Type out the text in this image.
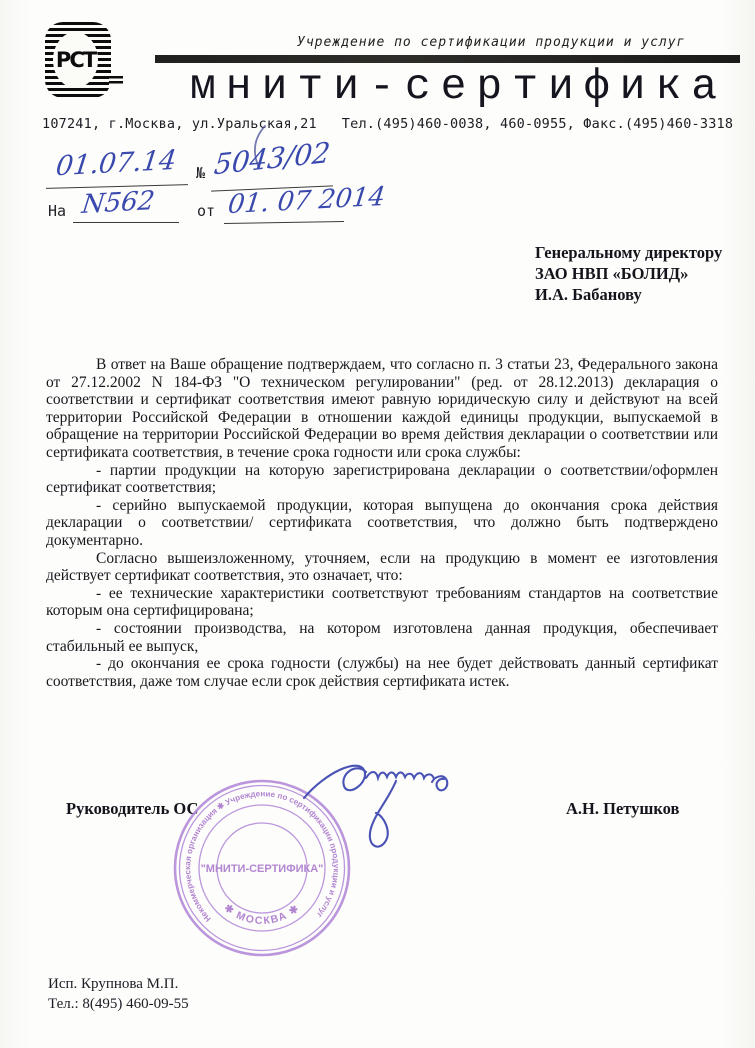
РСТ
Учреждение по сертификации продукции и услуг
мнити-сертифика
107241, г.Москва, ул.Уральская,21   Тел.(495)460-0038, 460-0955, Факс.(495)460-3318
01.07.14 № 5043/02
На N562	от 01. 07 2014

Генеральному директору

ЗАО НВП «БОЛИД»

И.А. Бабанову

В ответ на Ваше обращение подтверждаем, что согласно п. 3 статьи 23, Федерального закона от 27.12.2002 N 184-ФЗ "О техническом регулировании" (ред. от 28.12.2013) декларация о соответствии и сертификат соответствия имеют равную юридическую силу и действуют на всей территории Российской Федерации в отношении каждой единицы продукции, выпускаемой в обращение на территории Российской Федерации во время действия декларации о соответствии или сертификата соответствия, в течение срока годности или срока службы:

- партии продукции на которую зарегистрирована декларации о соответствии/оформлен сертификат соответствия;

- серийно выпускаемой продукции, которая выпущена до окончания срока действия декларации о соответствии/ сертификата соответствия, что должно быть подтверждено документарно.

Согласно вышеизложенному, уточняем, если на продукцию в момент ее изготовления действует сертификат соответствия, это означает, что:

- ее технические характеристики соответствуют требованиям стандартов на соответствие которым она сертифицирована;

- состоянии производства, на котором изготовлена данная продукция, обеспечивает стабильный ее выпуск,

- до окончания ее срока годности (службы) на нее будет действовать данный сертификат соответствия, даже том случае если срок действия сертификата истек.

Руководитель ОС	А.Н. Петушков
Некоммерческая организация ✱ Учреждение по сертификации продукции и услуг
✱ МОСКВА ✱
"МНИТИ-СЕРТИФИКА"

Исп. Крупнова М.П.

Тел.: 8(495) 460-09-55
